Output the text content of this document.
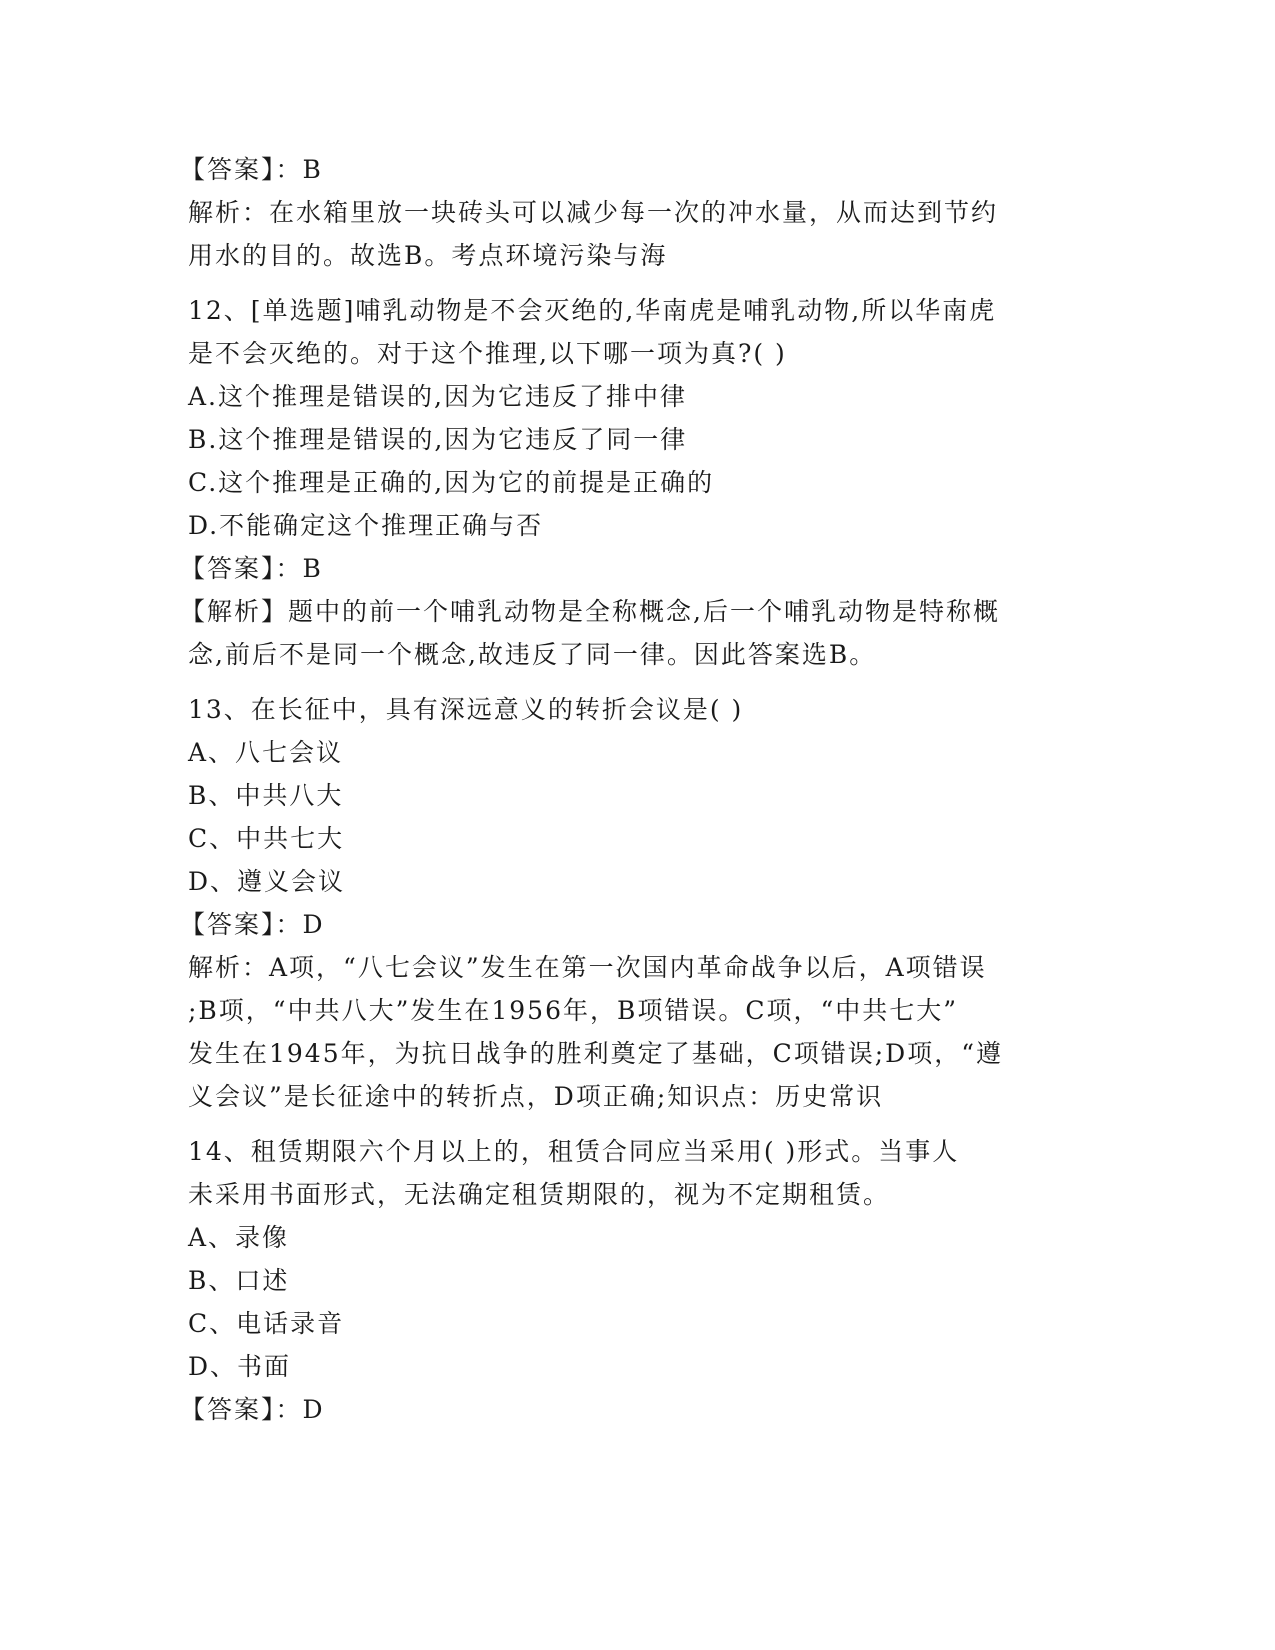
【答案】：B
解析：在水箱里放一块砖头可以减少每一次的冲水量，从而达到节约
用水的目的。故选B。考点环境污染与海
12、[单选题]哺乳动物是不会灭绝的,华南虎是哺乳动物,所以华南虎
是不会灭绝的。对于这个推理,以下哪一项为真?( )
A.这个推理是错误的,因为它违反了排中律
B.这个推理是错误的,因为它违反了同一律
C.这个推理是正确的,因为它的前提是正确的
D.不能确定这个推理正确与否
【答案】：B
【解析】题中的前一个哺乳动物是全称概念,后一个哺乳动物是特称概
念,前后不是同一个概念,故违反了同一律。因此答案选B。
13、在长征中，具有深远意义的转折会议是( )
A、八七会议
B、中共八大
C、中共七大
D、遵义会议
【答案】：D
解析：A项，“八七会议”发生在第一次国内革命战争以后，A项错误
;B项，“中共八大”发生在1956年，B项错误。C项，“中共七大”
发生在1945年，为抗日战争的胜利奠定了基础，C项错误;D项，“遵
义会议”是长征途中的转折点，D项正确;知识点：历史常识
14、租赁期限六个月以上的，租赁合同应当采用( )形式。当事人
未采用书面形式，无法确定租赁期限的，视为不定期租赁。
A、录像
B、口述
C、电话录音
D、书面
【答案】：D
